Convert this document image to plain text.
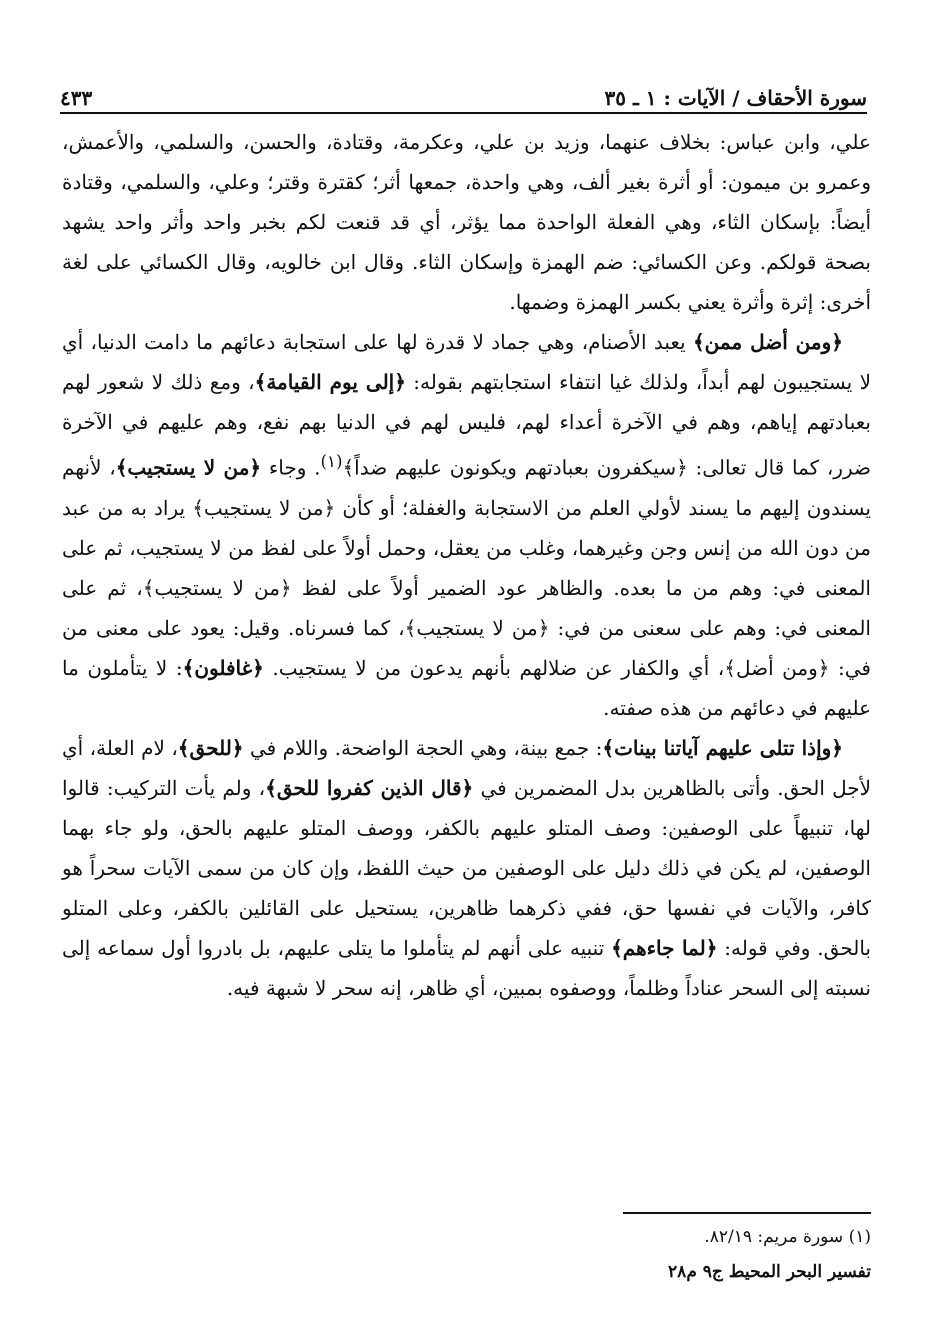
سورة الأحقاف / الآيات : ١ ـ ٣٥
٤٣٣

علي، وابن عباس: بخلاف عنهما، وزيد بن علي، وعكرمة، وقتادة، والحسن، والسلمي، والأعمش، وعمرو بن ميمون: أو أثرة بغير ألف، وهي واحدة، جمعها أثر؛ كقترة وقتر؛ وعلي، والسلمي، وقتادة أيضاً: بإسكان الثاء، وهي الفعلة الواحدة مما يؤثر، أي قد قنعت لكم بخبر واحد وأثر واحد يشهد بصحة قولكم. وعن الكسائي: ضم الهمزة وإسكان الثاء. وقال ابن خالويه، وقال الكسائي على لغة أخرى: إثرة وأثرة يعني بكسر الهمزة وضمها.

﴿ومن أضل ممن﴾ يعبد الأصنام، وهي جماد لا قدرة لها على استجابة دعائهم ما دامت الدنيا، أي لا يستجيبون لهم أبداً، ولذلك غيا انتفاء استجابتهم بقوله: ﴿إلى يوم القيامة﴾، ومع ذلك لا شعور لهم بعبادتهم إياهم، وهم في الآخرة أعداء لهم، فليس لهم في الدنيا بهم نفع، وهم عليهم في الآخرة ضرر، كما قال تعالى: ﴿سيكفرون بعبادتهم ويكونون عليهم ضداً﴾$^{(١)}$. وجاء ﴿من لا يستجيب﴾، لأنهم يسندون إليهم ما يسند لأولي العلم من الاستجابة والغفلة؛ أو كأن ﴿من لا يستجيب﴾ يراد به من عبد من دون الله من إنس وجن وغيرهما، وغلب من يعقل، وحمل أولاً على لفظ من لا يستجيب، ثم على المعنى في: وهم من ما بعده. والظاهر عود الضمير أولاً على لفظ ﴿من لا يستجيب﴾، ثم على المعنى في: وهم على سعنى من في: ﴿من لا يستجيب﴾، كما فسرناه. وقيل: يعود على معنى من في: ﴿ومن أضل﴾، أي والكفار عن ضلالهم بأنهم يدعون من لا يستجيب. ﴿غافلون﴾: لا يتأملون ما عليهم في دعائهم من هذه صفته.

﴿وإذا تتلى عليهم آياتنا بينات﴾: جمع بينة، وهي الحجة الواضحة. واللام في ﴿للحق﴾، لام العلة، أي لأجل الحق. وأتى بالظاهرين بدل المضمرين في ﴿قال الذين كفروا للحق﴾، ولم يأت التركيب: قالوا لها، تنبيهاً على الوصفين: وصف المتلو عليهم بالكفر، ووصف المتلو عليهم بالحق، ولو جاء بهما الوصفين، لم يكن في ذلك دليل على الوصفين من حيث اللفظ، وإن كان من سمى الآيات سحراً هو كافر، والآيات في نفسها حق، ففي ذكرهما ظاهرين، يستحيل على القائلين بالكفر، وعلى المتلو بالحق. وفي قوله: ﴿لما جاءهم﴾ تنبيه على أنهم لم يتأملوا ما يتلى عليهم، بل بادروا أول سماعه إلى نسبته إلى السحر عناداً وظلماً، ووصفوه بمبين، أي ظاهر، إنه سحر لا شبهة فيه.

(١) سورة مريم: ٨٢/١٩.
تفسير البحر المحيط ج٩ م٢٨
